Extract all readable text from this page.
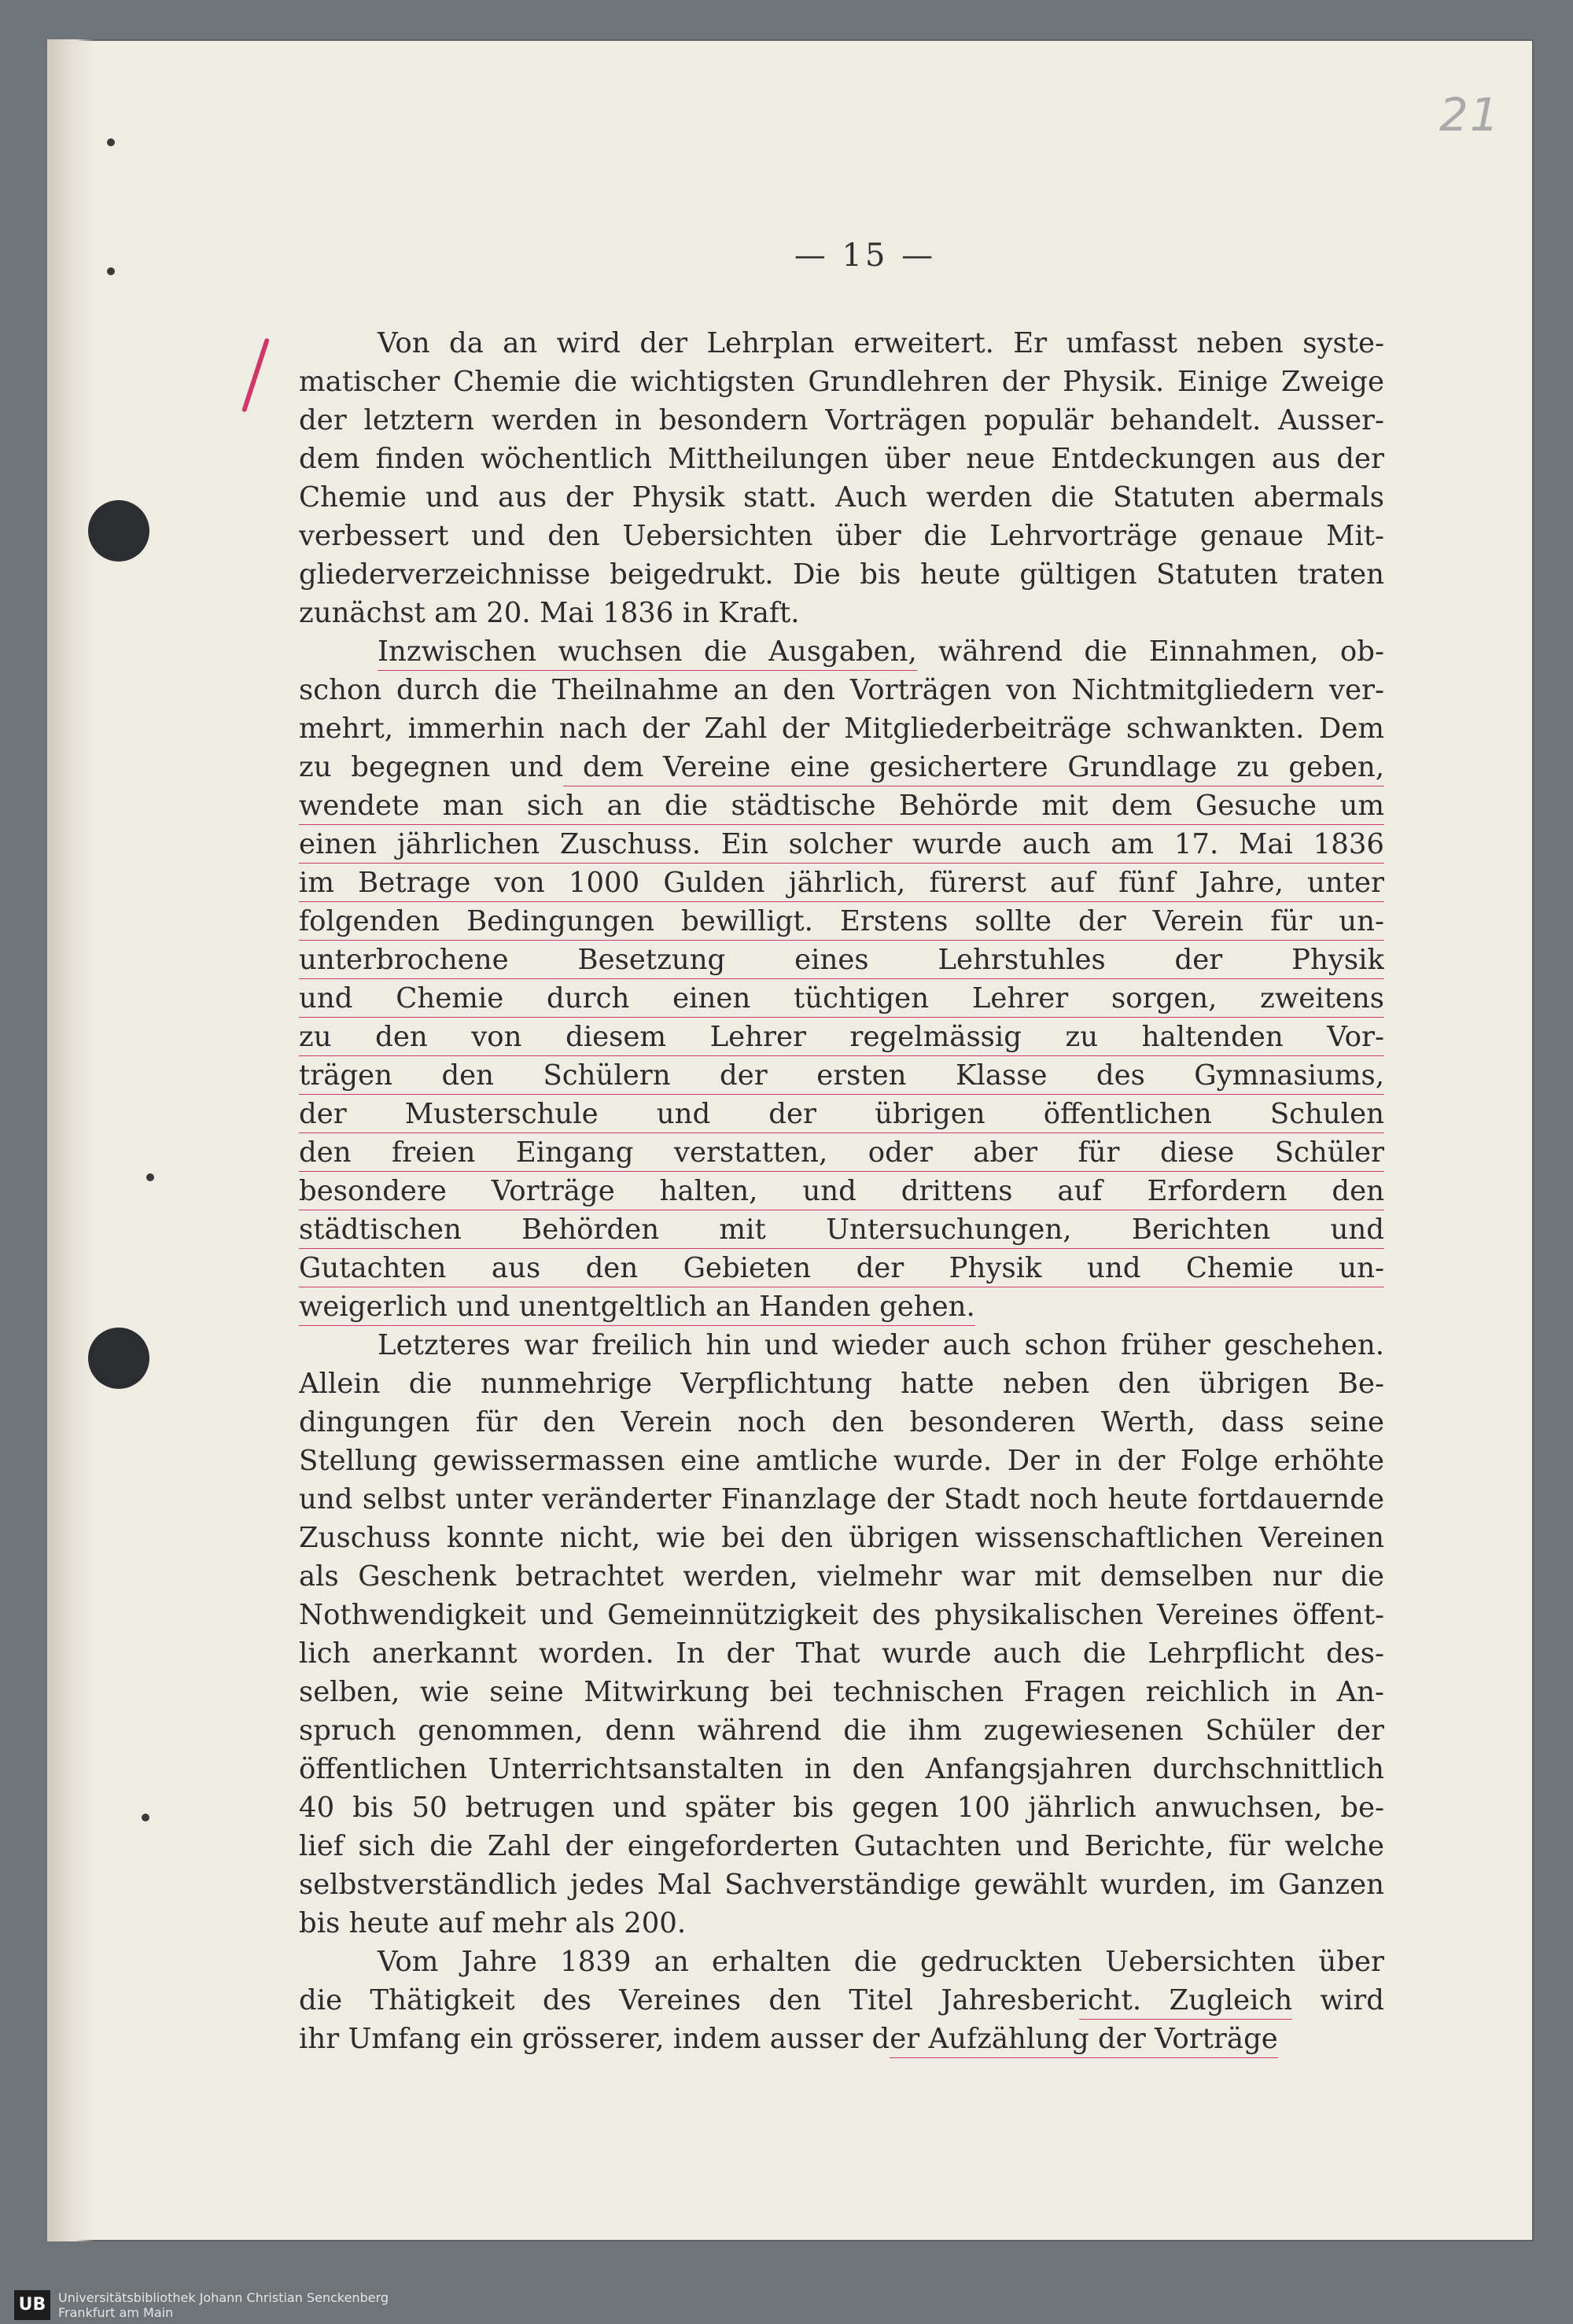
21
— 15 —
Von da an wird der Lehrplan erweitert. Er umfasst neben syste-
matischer Chemie die wichtigsten Grundlehren der Physik. Einige Zweige
der letztern werden in besondern Vorträgen populär behandelt. Ausser-
dem finden wöchentlich Mittheilungen über neue Entdeckungen aus der
Chemie und aus der Physik statt. Auch werden die Statuten abermals
verbessert und den Uebersichten über die Lehrvorträge genaue Mit-
gliederverzeichnisse beigedrukt. Die bis heute gültigen Statuten traten
zunächst am 20. Mai 1836 in Kraft.
Inzwischen wuchsen die Ausgaben, während die Einnahmen, ob-
schon durch die Theilnahme an den Vorträgen von Nichtmitgliedern ver-
mehrt, immerhin nach der Zahl der Mitgliederbeiträge schwankten. Dem
zu begegnen und dem Vereine eine gesichertere Grundlage zu geben,
wendete man sich an die städtische Behörde mit dem Gesuche um
einen jährlichen Zuschuss. Ein solcher wurde auch am 17. Mai 1836
im Betrage von 1000 Gulden jährlich, fürerst auf fünf Jahre, unter
folgenden Bedingungen bewilligt. Erstens sollte der Verein für un-
unterbrochene Besetzung eines Lehrstuhles der Physik
und Chemie durch einen tüchtigen Lehrer sorgen, zweitens
zu den von diesem Lehrer regelmässig zu haltenden Vor-
trägen den Schülern der ersten Klasse des Gymnasiums,
der Musterschule und der übrigen öffentlichen Schulen
den freien Eingang verstatten, oder aber für diese Schüler
besondere Vorträge halten, und drittens auf Erfordern den
städtischen Behörden mit Untersuchungen, Berichten und
Gutachten aus den Gebieten der Physik und Chemie un-
weigerlich und unentgeltlich an Handen gehen.
Letzteres war freilich hin und wieder auch schon früher geschehen.
Allein die nunmehrige Verpflichtung hatte neben den übrigen Be-
dingungen für den Verein noch den besonderen Werth, dass seine
Stellung gewissermassen eine amtliche wurde. Der in der Folge erhöhte
und selbst unter veränderter Finanzlage der Stadt noch heute fortdauernde
Zuschuss konnte nicht, wie bei den übrigen wissenschaftlichen Vereinen
als Geschenk betrachtet werden, vielmehr war mit demselben nur die
Nothwendigkeit und Gemeinnützigkeit des physikalischen Vereines öffent-
lich anerkannt worden. In der That wurde auch die Lehrpflicht des-
selben, wie seine Mitwirkung bei technischen Fragen reichlich in An-
spruch genommen, denn während die ihm zugewiesenen Schüler der
öffentlichen Unterrichtsanstalten in den Anfangsjahren durchschnittlich
40 bis 50 betrugen und später bis gegen 100 jährlich anwuchsen, be-
lief sich die Zahl der eingeforderten Gutachten und Berichte, für welche
selbstverständlich jedes Mal Sachverständige gewählt wurden, im Ganzen
bis heute auf mehr als 200.
Vom Jahre 1839 an erhalten die gedruckten Uebersichten über
die Thätigkeit des Vereines den Titel Jahresbericht. Zugleich wird
ihr Umfang ein grösserer, indem ausser der Aufzählung der Vorträge
UB Universitätsbibliothek Johann Christian Senckenberg
Frankfurt am Main
